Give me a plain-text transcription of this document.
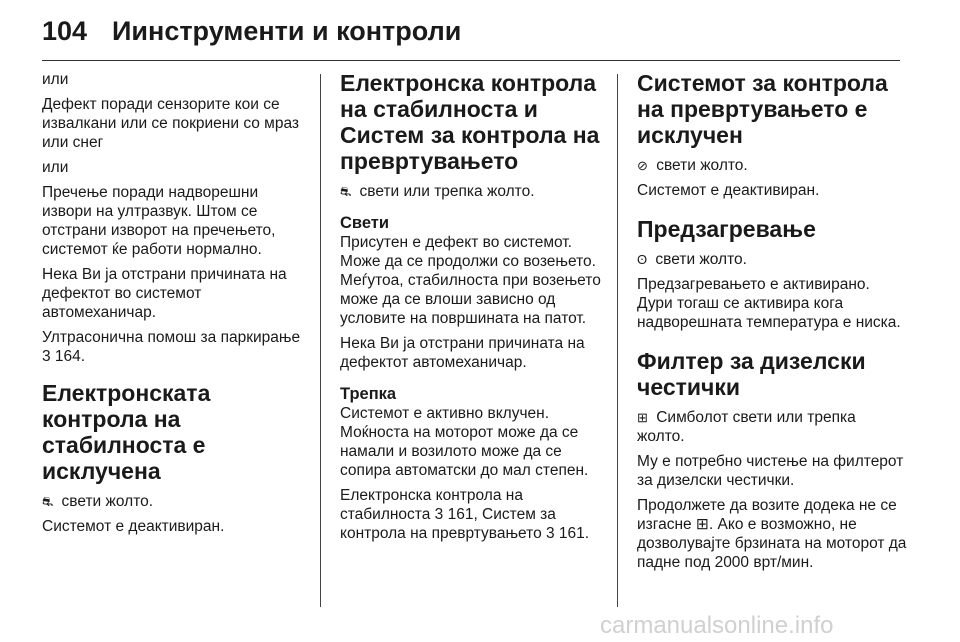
104 Иинструменти и контроли

или

Дефект поради сензорите кои се извалкани или се покриени со мраз или снег

или

Пречење поради надворешни извори на ултразвук. Штом се отстрани изворот на пречењето, системот ќе работи нормално.

Нека Ви ја отстрани причината на дефектот во системот автомеханичар.

Ултрасонична помош за паркирање 3 164.

Електронската контрола на стабилноста е исклучена

⛐ свети жолто.

Системот е деактивиран.

Електронска контрола на стабилноста и Систем за контрола на превртувањето

⛐ свети или трепка жолто.

Свети

Присутен е дефект во системот. Може да се продолжи со возењето. Меѓутоа, стабилноста при возењето може да се влоши зависно од условите на површината на патот.

Нека Ви ја отстрани причината на дефектот автомеханичар.

Трепка

Системот е активно вклучен. Моќноста на моторот може да се намали и возилото може да се сопира автоматски до мал степен.

Електронска контрола на стабилноста 3 161, Систем за контрола на превртувањето 3 161.

Системот за контрола на превртувањето е исклучен

⊘ свети жолто.

Системот е деактивиран.

Предзагревање

ʘ свети жолто.

Предзагревањето е активирано. Дури тогаш се активира кога надворешната температура е ниска.

Филтер за дизелски честички

⊞ Симболот свети или трепка жолто.

Му е потребно чистење на филтерот за дизелски честички.

Продолжете да возите додека не се изгасне ⊞. Ако е возможно, не дозволувајте брзината на моторот да падне под 2000 врт/мин.

carmanualsonline.info
